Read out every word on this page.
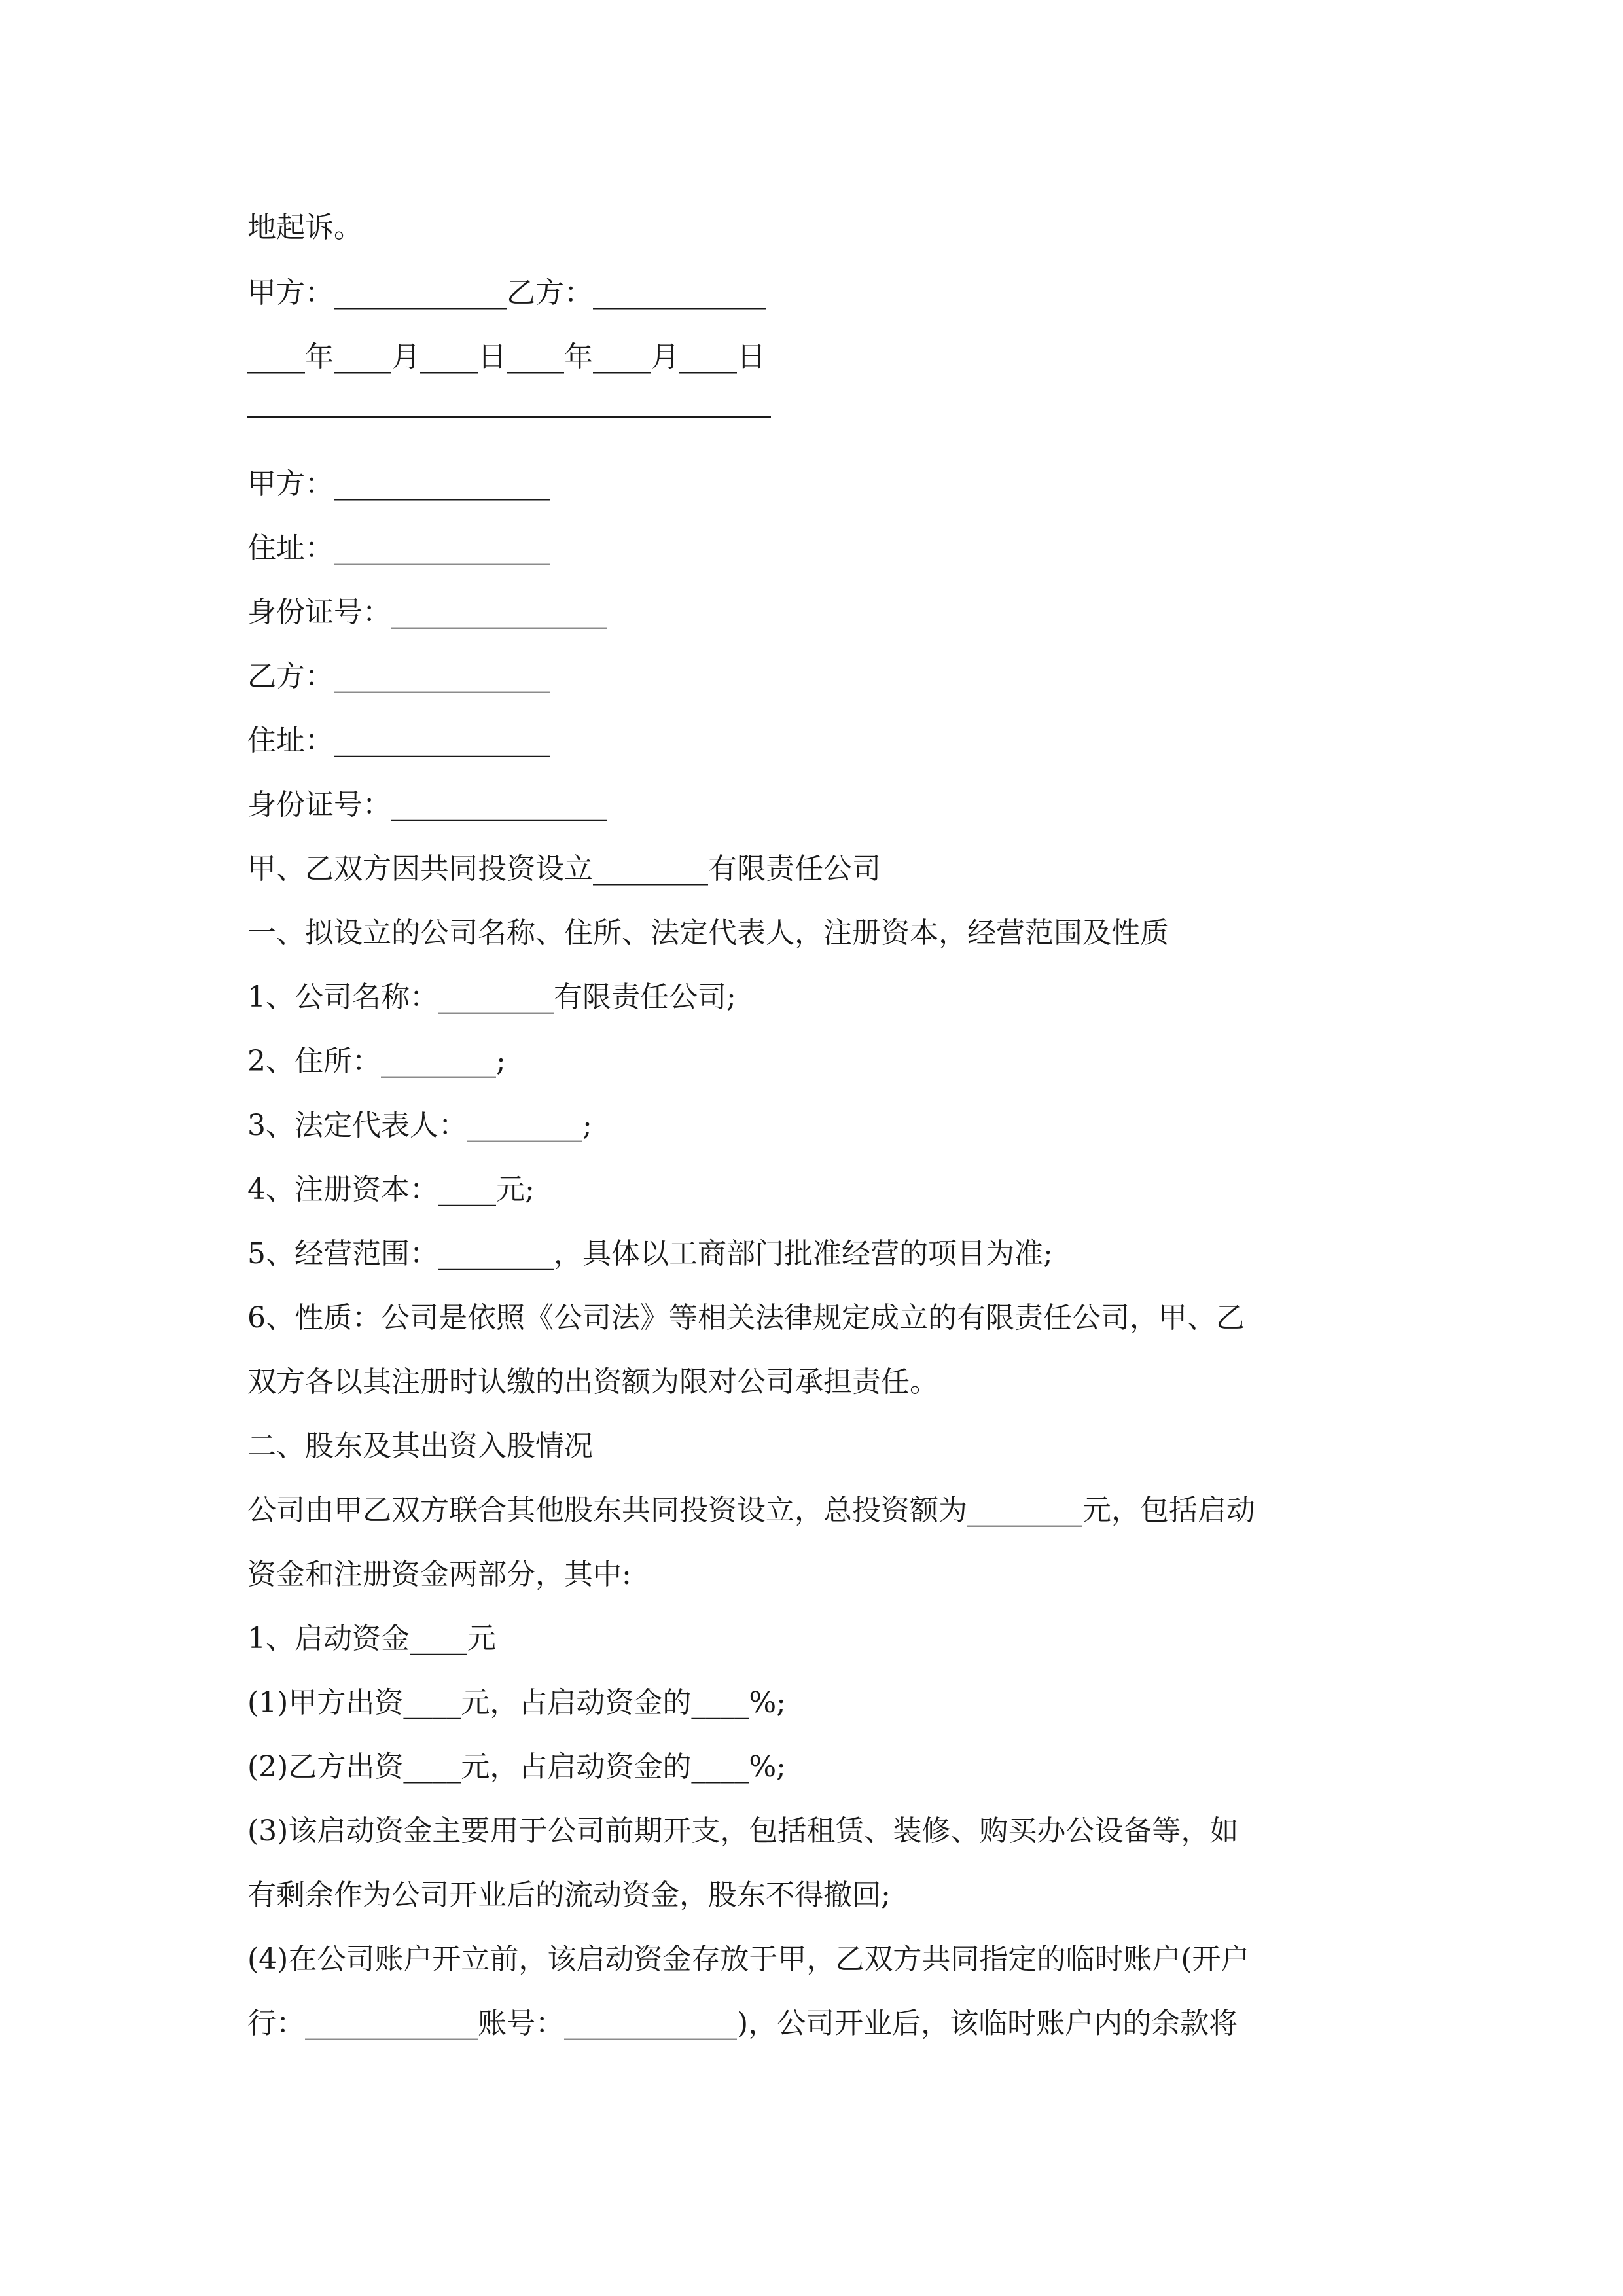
地起诉。
甲方：____________乙方：____________
____年____月____日____年____月____日
甲方：_______________
住址：_______________
身份证号：_______________
乙方：_______________
住址：_______________
身份证号：_______________
甲、乙双方因共同投资设立________有限责任公司
一、拟设立的公司名称、住所、法定代表人，注册资本，经营范围及性质
1、公司名称：________有限责任公司;
2、住所：________;
3、法定代表人：________;
4、注册资本：____元;
5、经营范围：________，具体以工商部门批准经营的项目为准;
6、性质：公司是依照《公司法》等相关法律规定成立的有限责任公司，甲、乙
双方各以其注册时认缴的出资额为限对公司承担责任。
二、股东及其出资入股情况
公司由甲乙双方联合其他股东共同投资设立，总投资额为________元，包括启动
资金和注册资金两部分，其中:
1、启动资金____元
(1)甲方出资____元，占启动资金的____%;
(2)乙方出资____元，占启动资金的____%;
(3)该启动资金主要用于公司前期开支，包括租赁、装修、购买办公设备等，如
有剩余作为公司开业后的流动资金，股东不得撤回;
(4)在公司账户开立前，该启动资金存放于甲，乙双方共同指定的临时账户(开户
行：____________账号：____________)，公司开业后，该临时账户内的余款将
